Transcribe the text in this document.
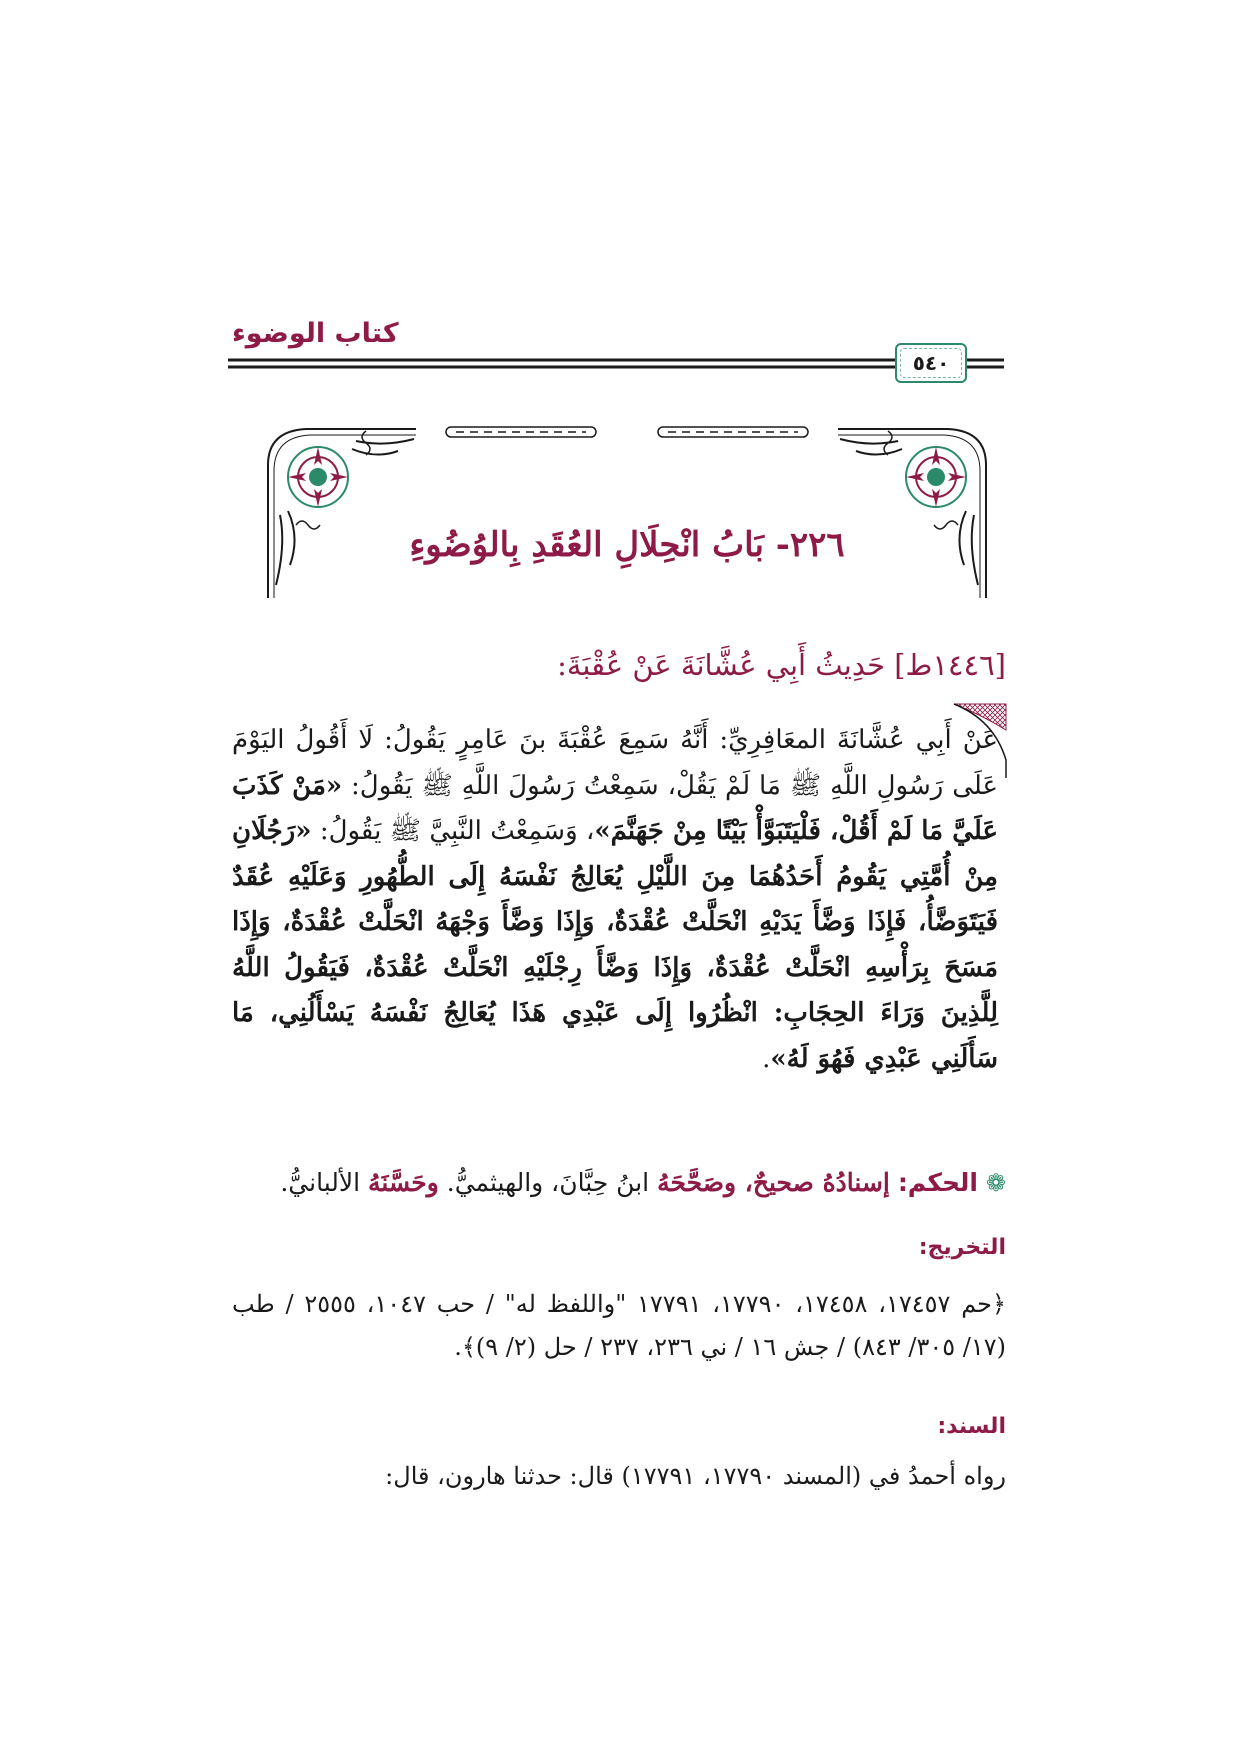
كتاب الوضوء
٥٤٠
٢٢٦- بَابُ انْحِلَالِ العُقَدِ بِالوُضُوءِ
[١٤٤٦ط] حَدِيثُ أَبِي عُشَّانَةَ عَنْ عُقْبَةَ:
عَنْ أَبِي عُشَّانَةَ المعَافِرِيِّ: أَنَّهُ سَمِعَ عُقْبَةَ بنَ عَامِرٍ يَقُولُ: لَا أَقُولُ اليَوْمَ عَلَى رَسُولِ اللَّهِ ﷺ مَا لَمْ يَقُلْ، سَمِعْتُ رَسُولَ اللَّهِ ﷺ يَقُولُ: «مَنْ كَذَبَ عَلَيَّ مَا لَمْ أَقُلْ، فَلْيَتَبَوَّأْ بَيْتًا مِنْ جَهَنَّمَ»، وَسَمِعْتُ النَّبِيَّ ﷺ يَقُولُ: «رَجُلَانِ مِنْ أُمَّتِي يَقُومُ أَحَدُهُمَا مِنَ اللَّيْلِ يُعَالِجُ نَفْسَهُ إِلَى الطُّهُورِ وَعَلَيْهِ عُقَدٌ فَيَتَوَضَّأُ، فَإِذَا وَضَّأَ يَدَيْهِ انْحَلَّتْ عُقْدَةٌ، وَإِذَا وَضَّأَ وَجْهَهُ انْحَلَّتْ عُقْدَةٌ، وَإِذَا مَسَحَ بِرَأْسِهِ انْحَلَّتْ عُقْدَةٌ، وَإِذَا وَضَّأَ رِجْلَيْهِ انْحَلَّتْ عُقْدَةٌ، فَيَقُولُ اللَّهُ لِلَّذِينَ وَرَاءَ الحِجَابِ: انْظُرُوا إِلَى عَبْدِي هَذَا يُعَالِجُ نَفْسَهُ يَسْأَلُنِي، مَا سَأَلَنِي عَبْدِي فَهُوَ لَهُ».
❁ الحكم: إسنادُهُ صحيحٌ، وصَحَّحَهُ ابنُ حِبَّانَ، والهيثميُّ. وحَسَّنَهُ الألبانيُّ.
التخريج:
﴿حم ١٧٤٥٧، ١٧٤٥٨، ١٧٧٩٠، ١٧٧٩١ "واللفظ له" / حب ١٠٤٧، ٢٥٥٥ / طب (١٧/ ٣٠٥/ ٨٤٣) / جش ١٦ / ني ٢٣٦، ٢٣٧ / حل (٢/ ٩)﴾.
السند:
رواه أحمدُ في (المسند ١٧٧٩٠، ١٧٧٩١) قال: حدثنا هارون، قال:
